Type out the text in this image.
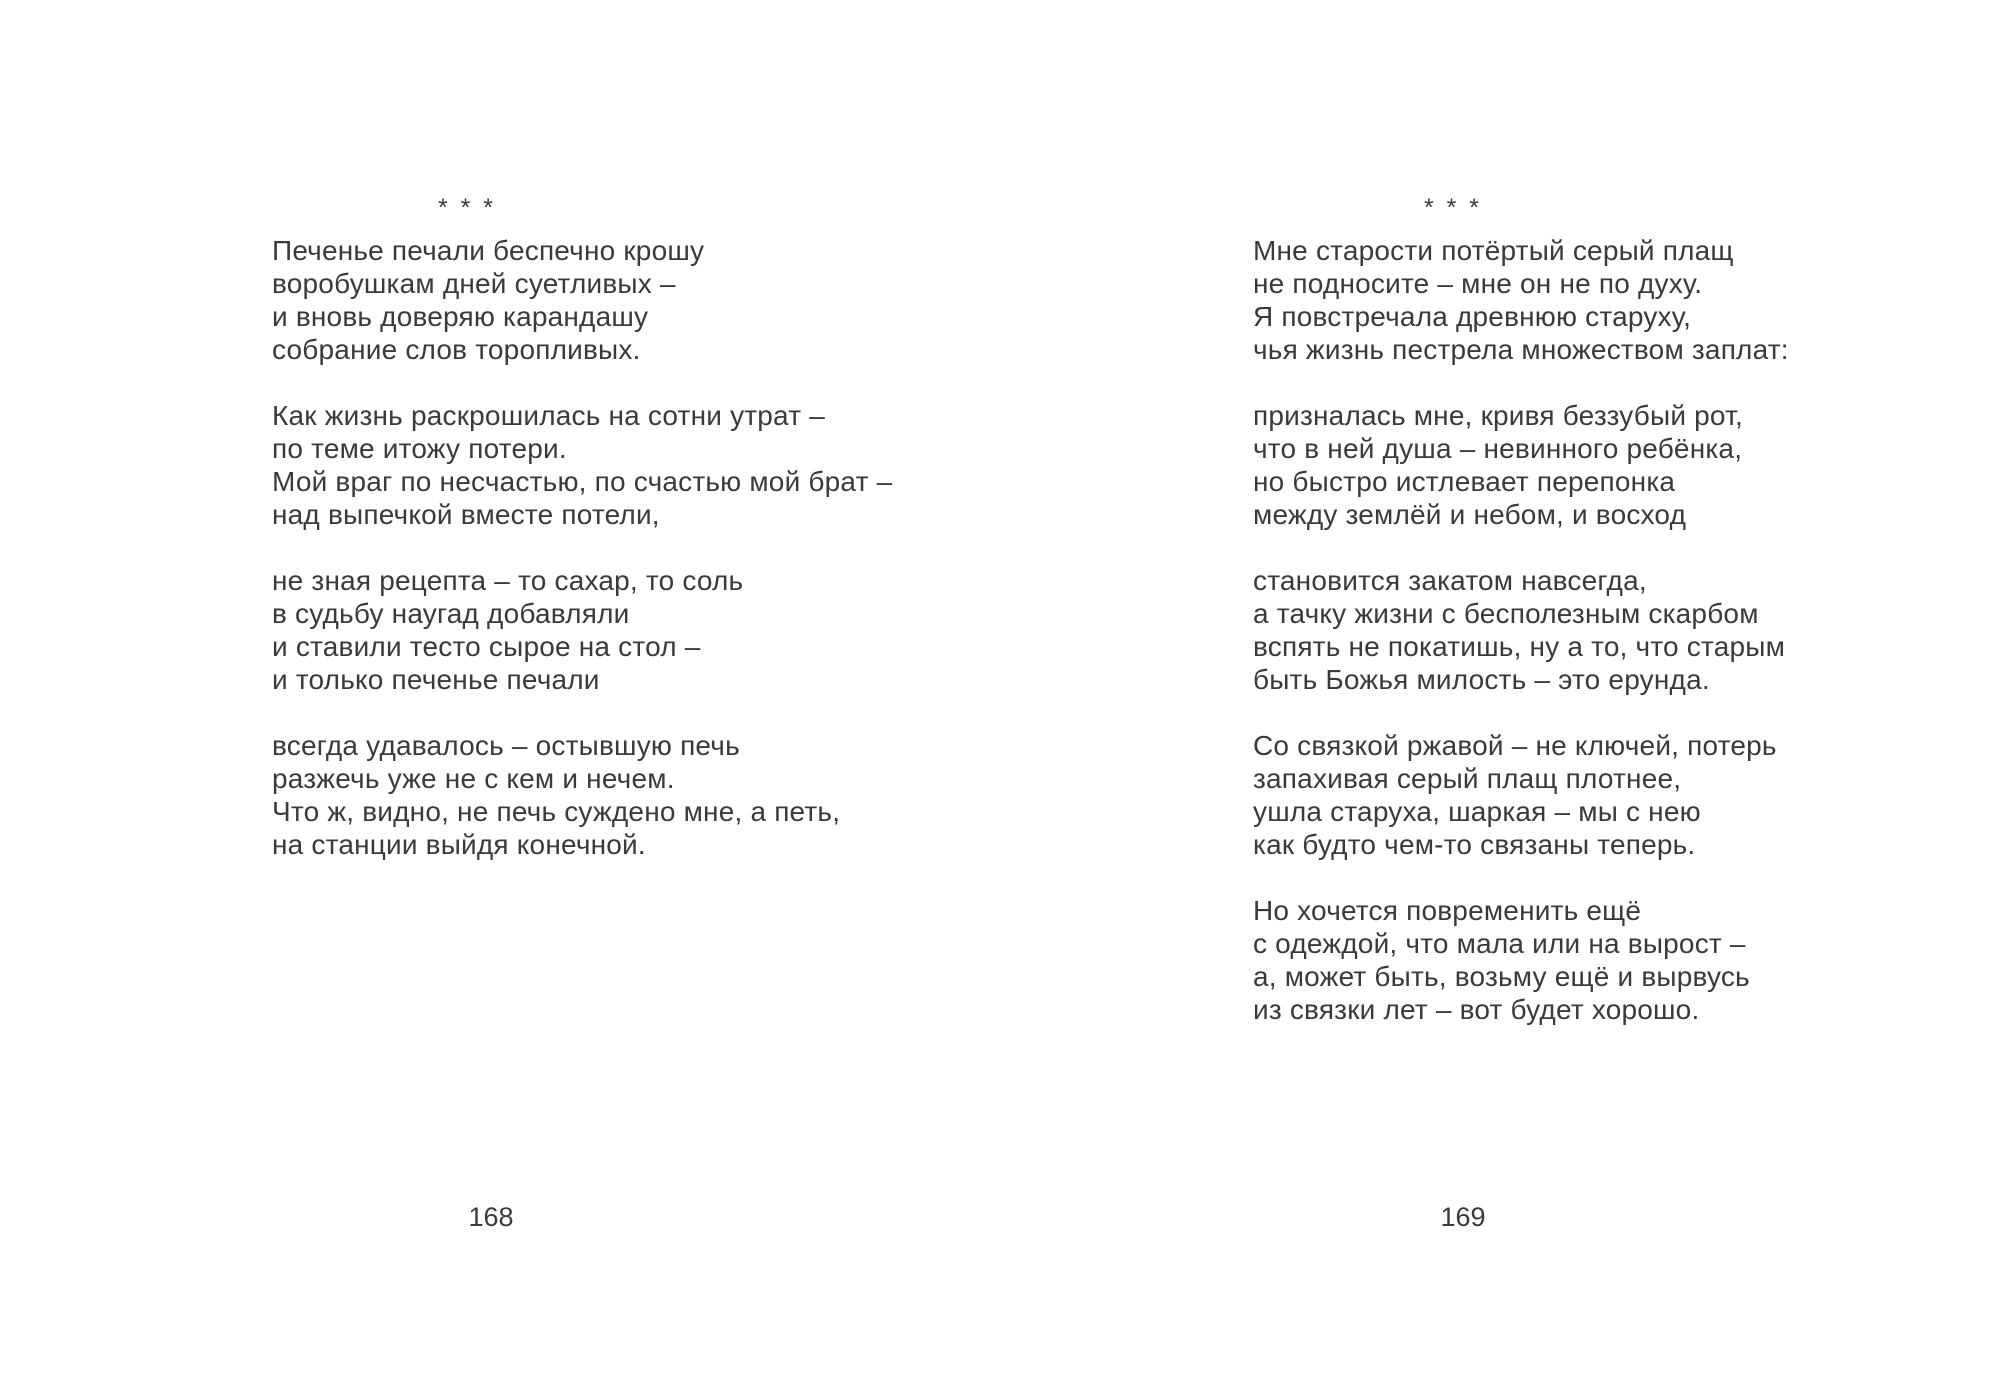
* * *
Печенье печали беспечно крошу
воробушкам дней суетливых –
и вновь доверяю карандашу
собрание слов торопливых.
Как жизнь раскрошилась на сотни утрат –
по теме итожу потери.
Мой враг по несчастью, по счастью мой брат –
над выпечкой вместе потели,
не зная рецепта – то сахар, то соль
в судьбу наугад добавляли
и ставили тесто сырое на стол –
и только печенье печали
всегда удавалось – остывшую печь
разжечь уже не с кем и нечем.
Что ж, видно, не печь суждено мне, а петь,
на станции выйдя конечной.
* * *
Мне старости потёртый серый плащ
не подносите – мне он не по духу.
Я повстречала древнюю старуху,
чья жизнь пестрела множеством заплат:
призналась мне, кривя беззубый рот,
что в ней душа – невинного ребёнка,
но быстро истлевает перепонка
между землёй и небом, и восход
становится закатом навсегда,
а тачку жизни с бесполезным скарбом
вспять не покатишь, ну а то, что старым
быть Божья милость – это ерунда.
Со связкой ржавой – не ключей, потерь
запахивая серый плащ плотнее,
ушла старуха, шаркая – мы с нею
как будто чем-то связаны теперь.
Но хочется повременить ещё
с одеждой, что мала или на вырост –
а, может быть, возьму ещё и вырвусь
из связки лет – вот будет хорошо.
168	169
